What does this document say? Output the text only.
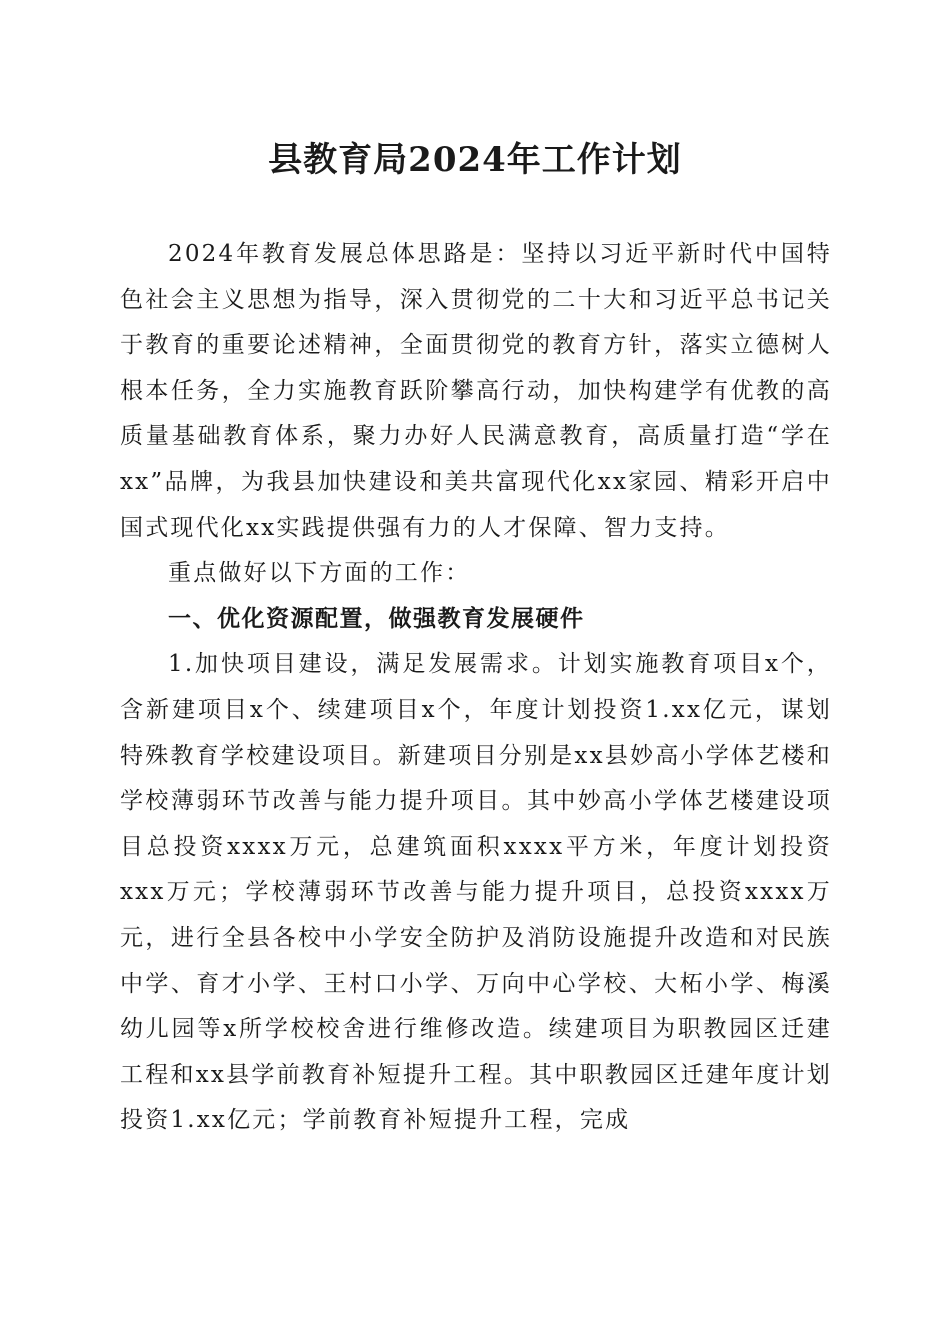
县教育局2024年工作计划

2024年教育发展总体思路是：坚持以习近平新时代中国特色社会主义思想为指导，深入贯彻党的二十大和习近平总书记关于教育的重要论述精神，全面贯彻党的教育方针，落实立德树人根本任务，全力实施教育跃阶攀高行动，加快构建学有优教的高质量基础教育体系，聚力办好人民满意教育，高质量打造“学在xx”品牌，为我县加快建设和美共富现代化xx家园、精彩开启中国式现代化xx实践提供强有力的人才保障、智力支持。

重点做好以下方面的工作：

一、优化资源配置，做强教育发展硬件

1.加快项目建设，满足发展需求。计划实施教育项目x个，含新建项目x个、续建项目x个，年度计划投资1.xx亿元，谋划特殊教育学校建设项目。新建项目分别是xx县妙高小学体艺楼和学校薄弱环节改善与能力提升项目。其中妙高小学体艺楼建设项目总投资xxxx万元，总建筑面积xxxx平方米，年度计划投资xxx万元；学校薄弱环节改善与能力提升项目，总投资xxxx万元，进行全县各校中小学安全防护及消防设施提升改造和对民族中学、育才小学、王村口小学、万向中心学校、大柘小学、梅溪幼儿园等x所学校校舍进行维修改造。续建项目为职教园区迁建工程和xx县学前教育补短提升工程。其中职教园区迁建年度计划投资1.xx亿元；学前教育补短提升工程，完成
